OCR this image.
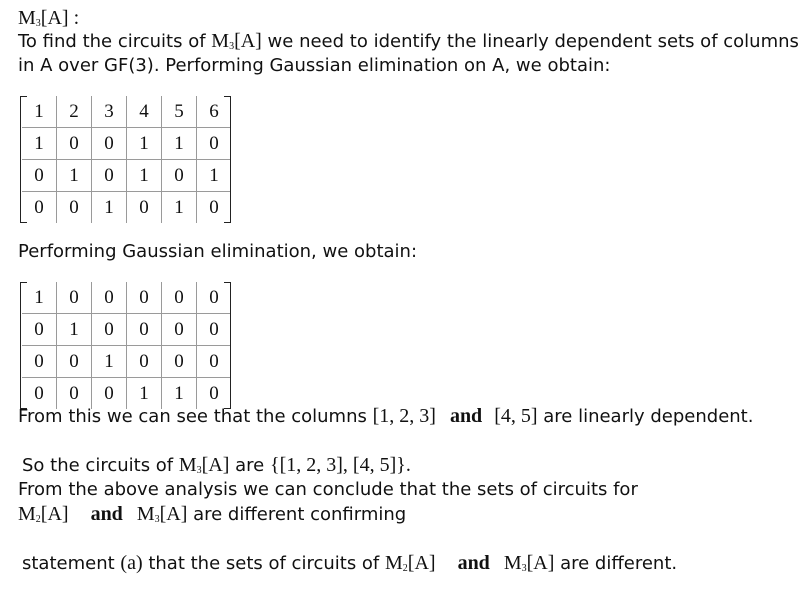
$M_3[A]$ :
To find the circuits of $M_3[A]$ we need to identify the linearly dependent sets of columns
in A over GF(3). Performing Gaussian elimination on A, we obtain:
1	2	3	4	5	6
1	0	0	1	1	0
0	1	0	1	0	1
0	0	1	0	1	0
Performing Gaussian elimination, we obtain:
1	0	0	0	0	0
0	1	0	0	0	0
0	0	1	0	0	0
0	0	0	1	1	0
From this we can see that the columns [1, 2, 3] and [4, 5] are linearly dependent.
So the circuits of $M_3[A]$ are {[1, 2, 3], [4, 5]}.
From the above analysis we can conclude that the sets of circuits for
$M_2[A]$ and $M_3[A]$ are different confirming
statement (a) that the sets of circuits of $M_2[A]$ and $M_3[A]$ are different.
